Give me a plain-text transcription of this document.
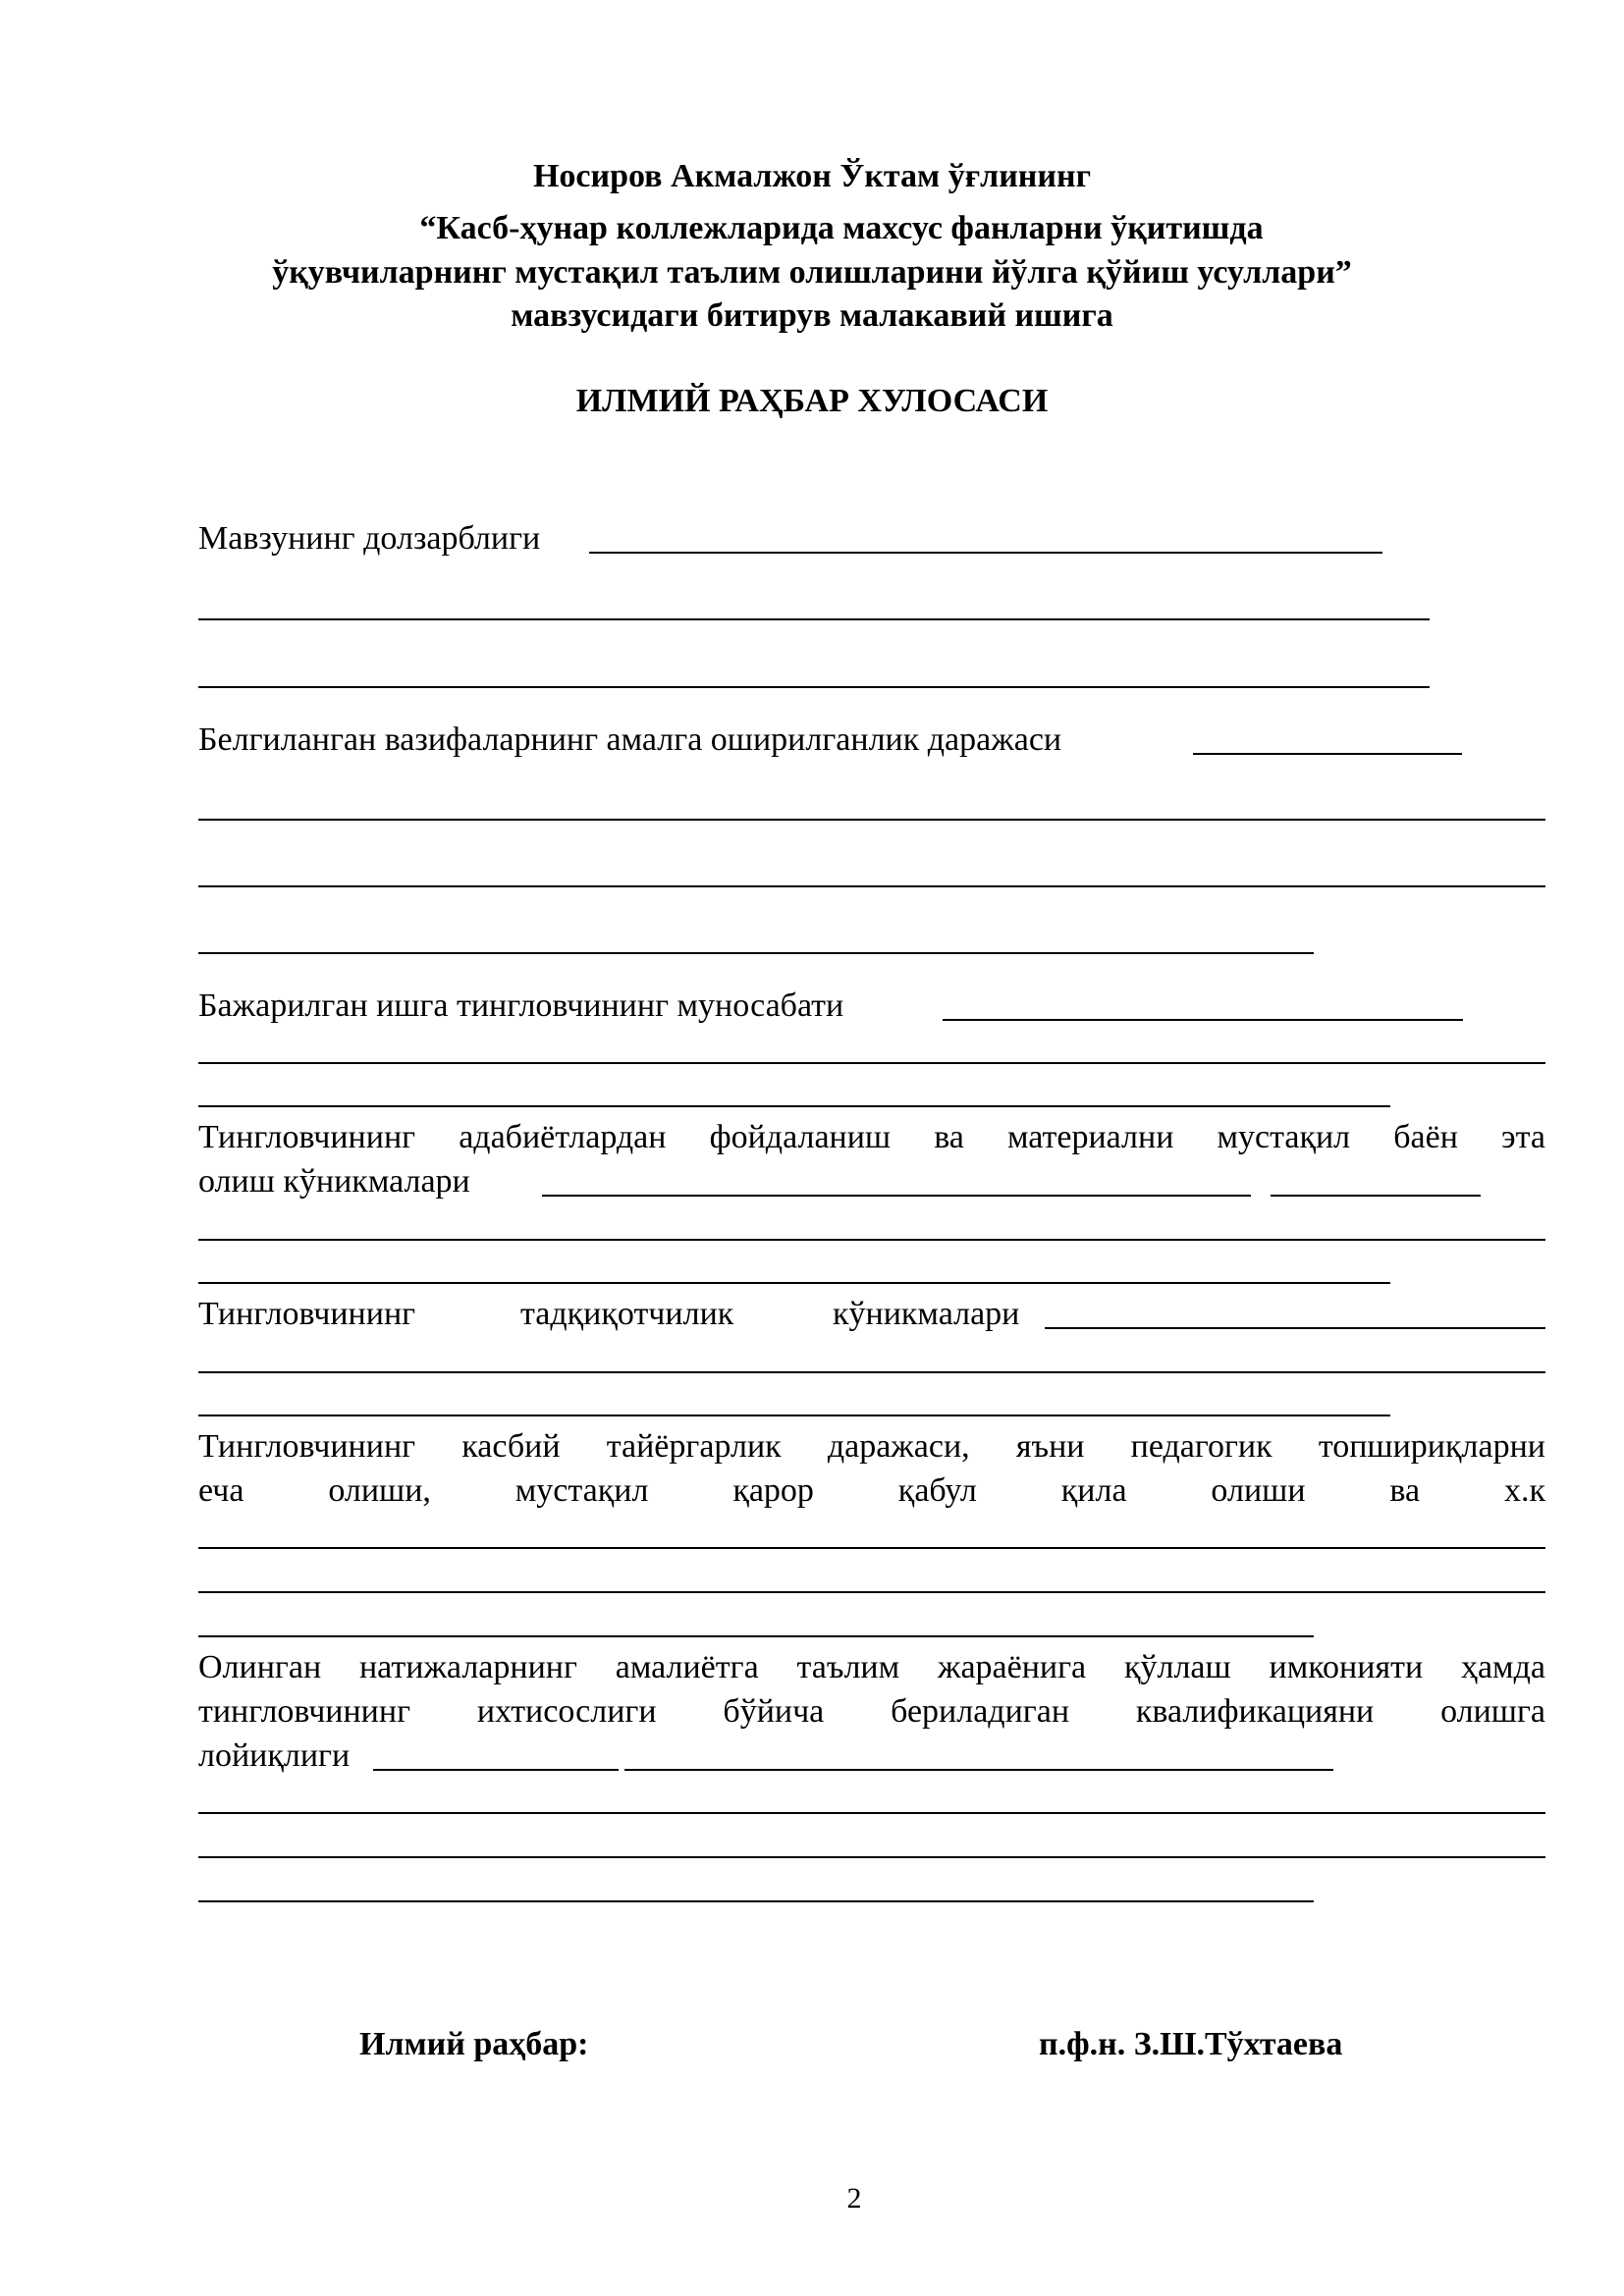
Носиров Акмалжон Ўктам ўғлининг
“Касб-ҳунар коллежларида махсус фанларни ўқитишда
ўқувчиларнинг мустақил таълим олишларини йўлга қўйиш усуллари”
мавзусидаги битирув малакавий ишига
ИЛМИЙ РАҲБАР ХУЛОСАСИ
Мавзунинг долзарблиги
Белгиланган вазифаларнинг амалга оширилганлик даражаси
Бажарилган ишга тингловчининг муносабати
Тингловчининг адабиётлардан фойдаланиш ва материални мустақил баён эта
олиш кўникмалари
Тингловчининг	тадқиқотчилик	кўникмалари
Тингловчининг касбий тайёргарлик даражаси, яъни педагогик топшириқларни
еча	олиши,	мустақил	қарор	қабул	қила	олиши	ва	х.к
Олинган натижаларнинг амалиётга таълим жараёнига қўллаш имконияти ҳамда
тингловчининг ихтисослиги бўйича бериладиган квалификацияни олишга
лойиқлиги
Илмий раҳбар:	п.ф.н. З.Ш.Тўхтаева
2
